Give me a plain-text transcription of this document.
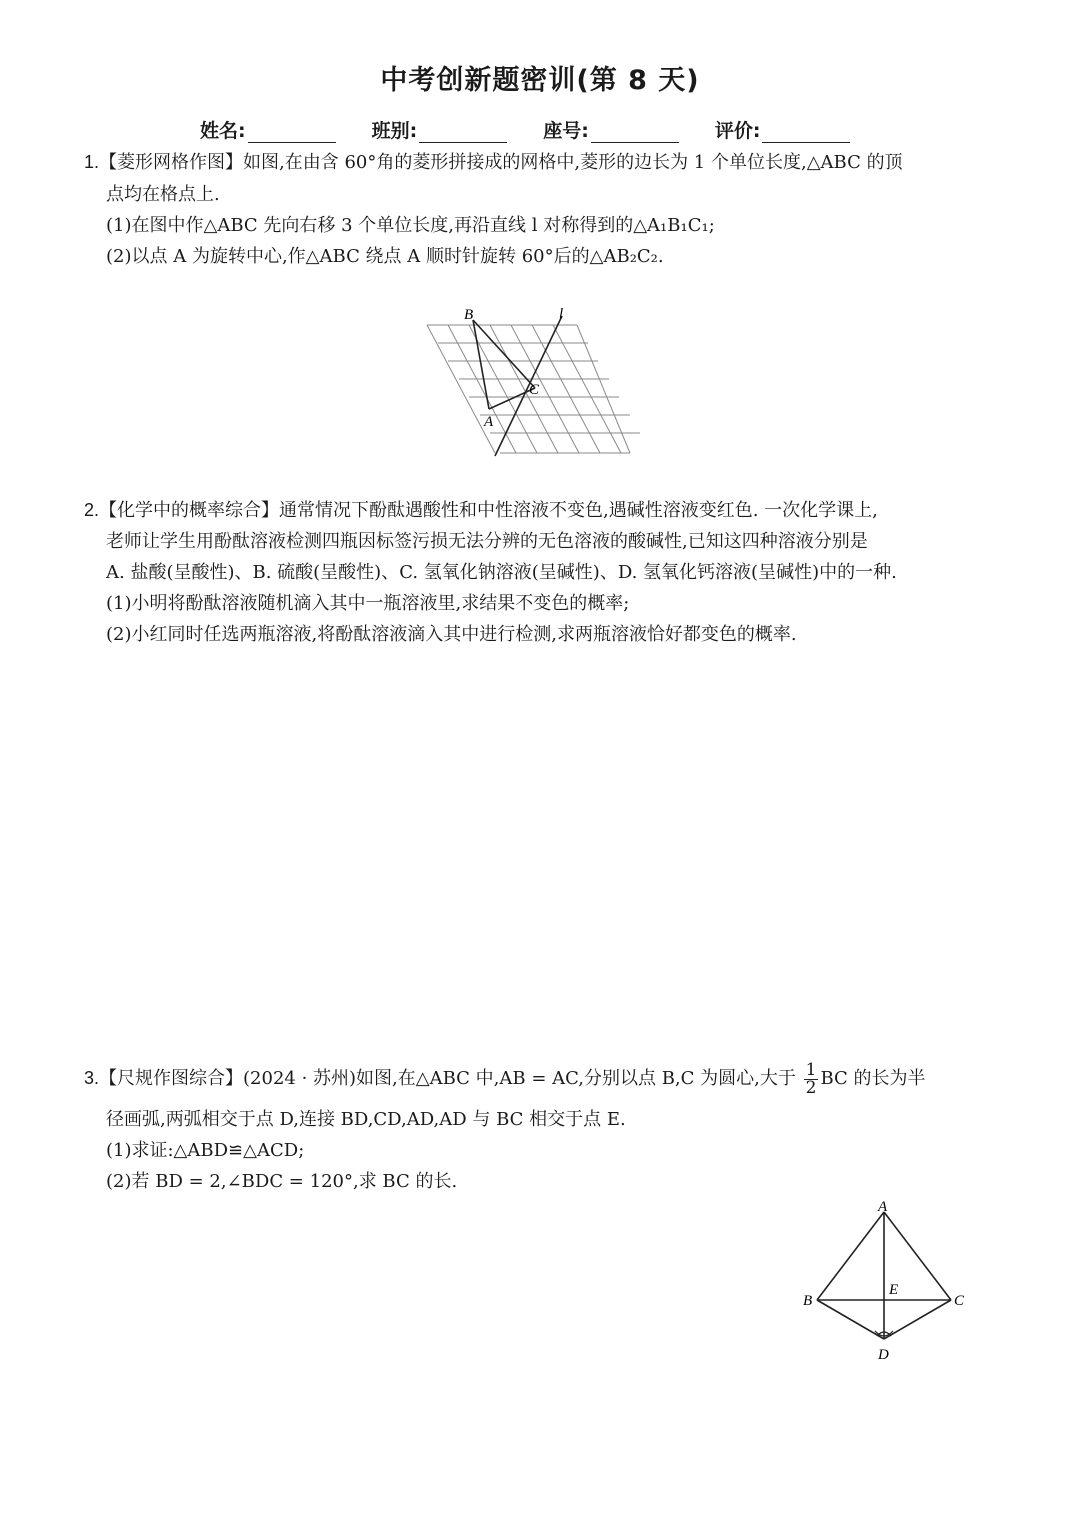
中考创新题密训(第 8 天)
姓名:	班别:	座号:	评价:
1.【菱形网格作图】如图,在由含 60°角的菱形拼接成的网格中,菱形的边长为 1 个单位长度,△ABC 的顶
点均在格点上.
(1)在图中作△ABC 先向右移 3 个单位长度,再沿直线 l 对称得到的△A₁B₁C₁;
(2)以点 A 为旋转中心,作△ABC 绕点 A 顺时针旋转 60°后的△AB₂C₂.
B	l
C
A
2.【化学中的概率综合】通常情况下酚酞遇酸性和中性溶液不变色,遇碱性溶液变红色. 一次化学课上,
老师让学生用酚酞溶液检测四瓶因标签污损无法分辨的无色溶液的酸碱性,已知这四种溶液分别是
A. 盐酸(呈酸性)、B. 硫酸(呈酸性)、C. 氢氧化钠溶液(呈碱性)、D. 氢氧化钙溶液(呈碱性)中的一种.
(1)小明将酚酞溶液随机滴入其中一瓶溶液里,求结果不变色的概率;
(2)小红同时任选两瓶溶液,将酚酞溶液滴入其中进行检测,求两瓶溶液恰好都变色的概率.
3.【尺规作图综合】(2024 · 苏州)如图,在△ABC 中,AB = AC,分别以点 B,C 为圆心,大于 $\frac{1}{2}$ BC 的长为半
径画弧,两弧相交于点 D,连接 BD,CD,AD,AD 与 BC 相交于点 E.
(1)求证:△ABD≌△ACD;
(2)若 BD = 2,∠BDC = 120°,求 BC 的长.
A
B	C
D
E
